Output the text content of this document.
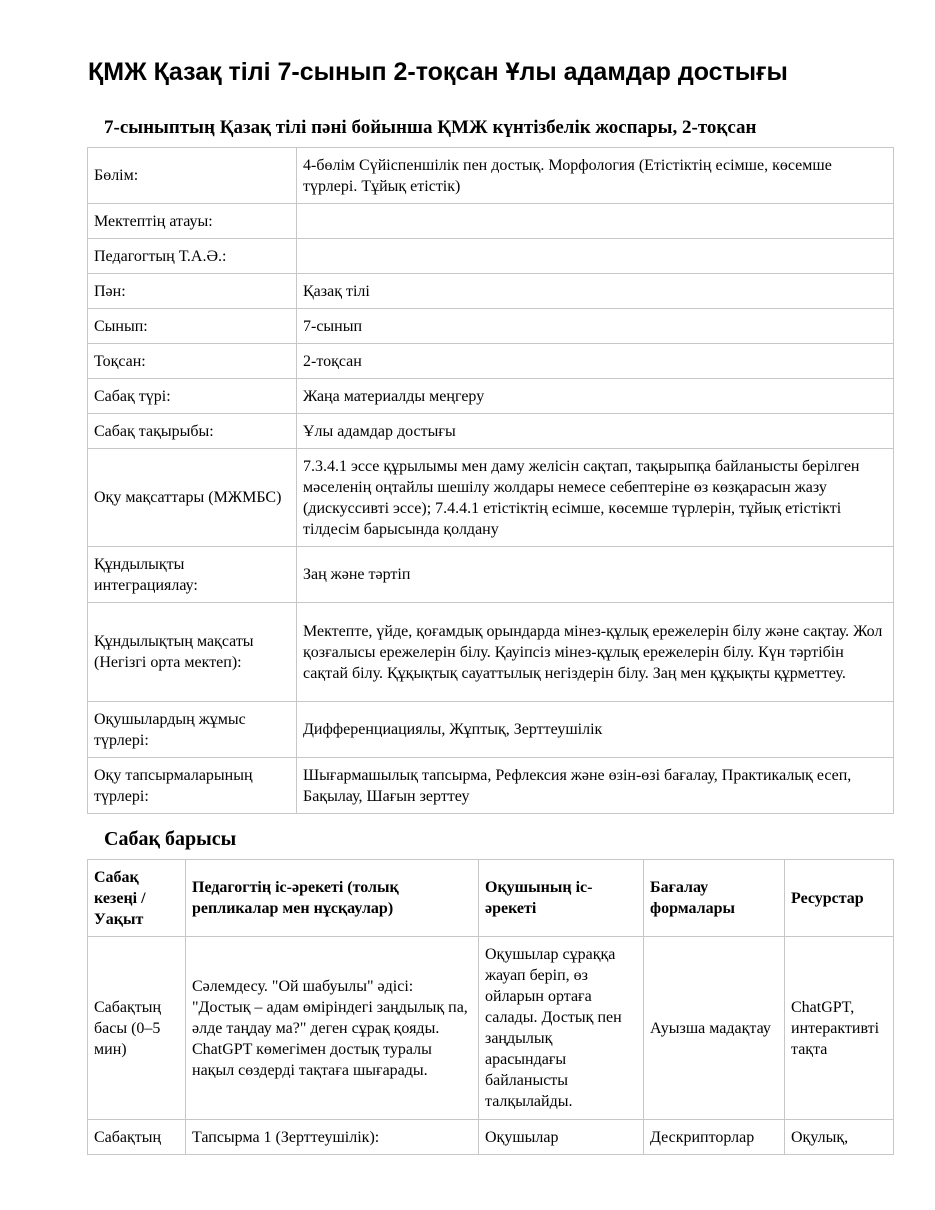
ҚМЖ Қазақ тілі 7-сынып 2-тоқсан Ұлы адамдар достығы
7-сыныптың Қазақ тілі пәні бойынша ҚМЖ күнтізбелік жоспары, 2-тоқсан
Бөлім:	4-бөлім Сүйіспеншілік пен достық. Морфология (Етістіктің есімше, көсемше түрлері. Тұйық етістік)
Мектептің атауы:	
Педагогтың Т.А.Ә.:	
Пән:	Қазақ тілі
Сынып:	7-сынып
Тоқсан:	2-тоқсан
Сабақ түрі:	Жаңа материалды меңгеру
Сабақ тақырыбы:	Ұлы адамдар достығы
Оқу мақсаттары (МЖМБС)	7.3.4.1 эссе құрылымы мен даму желісін сақтап, тақырыпқа байланысты берілген мәселенің оңтайлы шешілу жолдары немесе себептеріне өз көзқарасын жазу (дискуссивті эссе); 7.4.4.1 етістіктің есімше, көсемше түрлерін, тұйық етістікті тілдесім барысында қолдану
Құндылықты интеграциялау:	Заң және тәртіп
Құндылықтың мақсаты (Негізгі орта мектеп):	Мектепте, үйде, қоғамдық орындарда мінез-құлық ережелерін білу және сақтау. Жол қозғалысы ережелерін білу. Қауіпсіз мінез-құлық ережелерін білу. Күн тәртібін сақтай білу. Құқықтық сауаттылық негіздерін білу. Заң мен құқықты құрметтеу.
Оқушылардың жұмыс түрлері:	Дифференциациялы, Жұптық, Зерттеушілік
Оқу тапсырмаларының түрлері:	Шығармашылық тапсырма, Рефлексия және өзін-өзі бағалау, Практикалық есеп, Бақылау, Шағын зерттеу
Сабақ барысы
Сабақ кезеңі / Уақыт	Педагогтің іс-әрекеті (толық репликалар мен нұсқаулар)	Оқушының іс-әрекеті	Бағалау формалары	Ресурстар
Сабақтың басы (0–5 мин)	Сәлемдесу. "Ой шабуылы" әдісі: "Достық – адам өміріндегі заңдылық па, әлде таңдау ма?" деген сұрақ қояды. ChatGPT көмегімен достық туралы нақыл сөздерді тақтаға шығарады.	Оқушылар сұраққа жауап беріп, өз ойларын ортаға салады. Достық пен заңдылық арасындағы байланысты талқылайды.	Ауызша мадақтау	ChatGPT, интерактивті тақта
Сабақтың	Тапсырма 1 (Зерттеушілік):	Оқушылар	Дескрипторлар	Оқулық,
